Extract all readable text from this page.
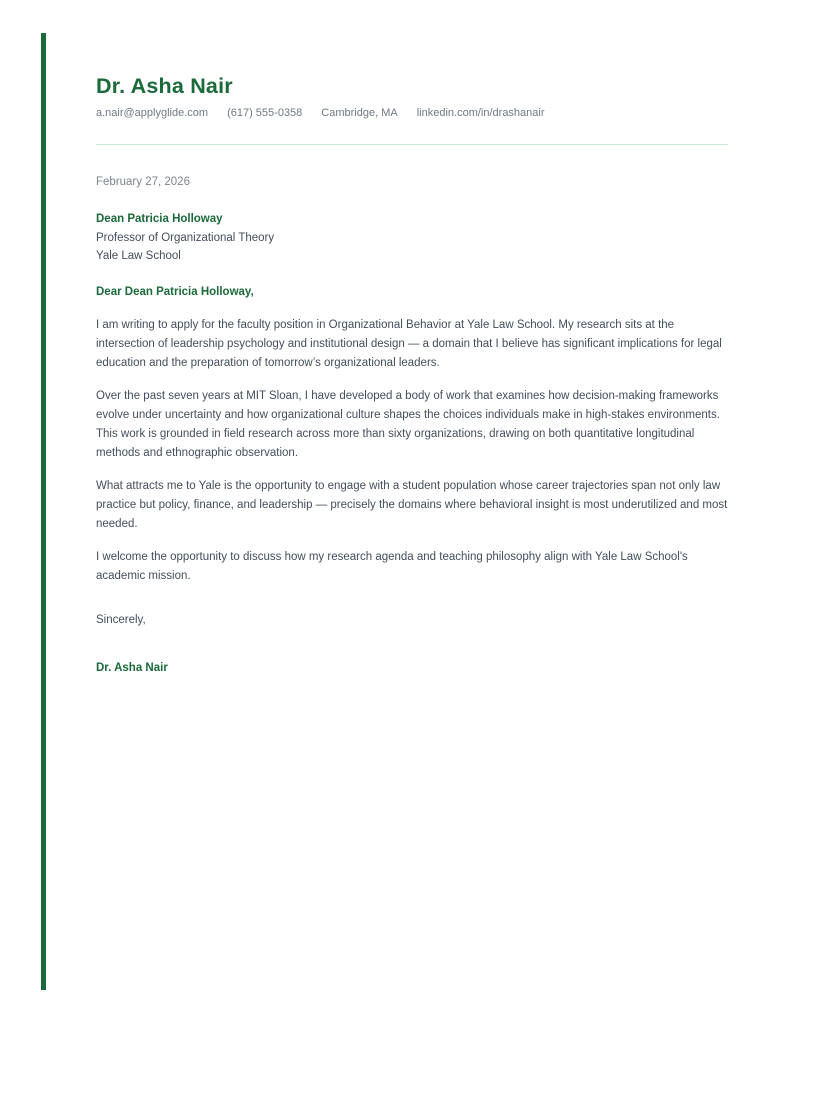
Dr. Asha Nair
a.nair@applyglide.com (617) 555-0358 Cambridge, MA linkedin.com/in/drashanair

February 27, 2026

Dean Patricia Holloway

Professor of Organizational Theory

Yale Law School

Dear Dean Patricia Holloway,

I am writing to apply for the faculty position in Organizational Behavior at Yale Law School. My research sits at the intersection of leadership psychology and institutional design — a domain that I believe has significant implications for legal education and the preparation of tomorrow’s organizational leaders.

Over the past seven years at MIT Sloan, I have developed a body of work that examines how decision-making frameworks evolve under uncertainty and how organizational culture shapes the choices individuals make in high-stakes environments. This work is grounded in field research across more than sixty organizations, drawing on both quantitative longitudinal methods and ethnographic observation.

What attracts me to Yale is the opportunity to engage with a student population whose career trajectories span not only law practice but policy, finance, and leadership — precisely the domains where behavioral insight is most underutilized and most needed.

I welcome the opportunity to discuss how my research agenda and teaching philosophy align with Yale Law School's academic mission.

Sincerely,

Dr. Asha Nair
